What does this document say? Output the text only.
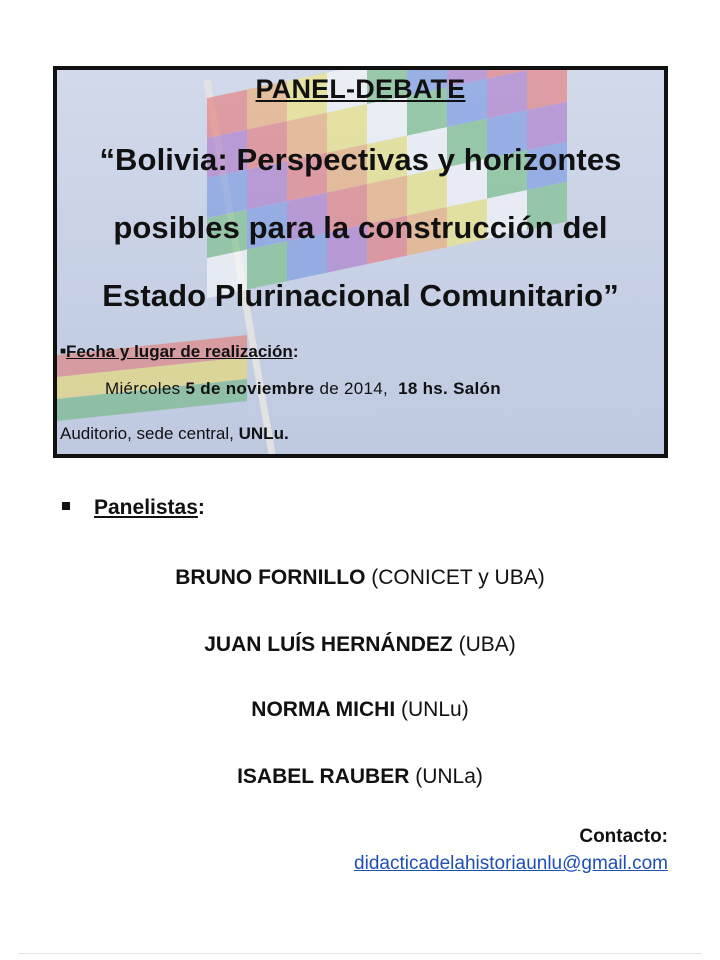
PANEL-DEBATE
“Bolivia: Perspectivas y horizontes
posibles para la construcción del
Estado Plurinacional Comunitario”
■Fecha y lugar de realización:
Miércoles 5 de noviembre de 2014, 18 hs. Salón
Auditorio, sede central, UNLu.
Panelistas:
BRUNO FORNILLO (CONICET y UBA)
JUAN LUÍS HERNÁNDEZ (UBA)
NORMA MICHI (UNLu)
ISABEL RAUBER (UNLa)
Contacto:
didacticadelahistoriaunlu@gmail.com
